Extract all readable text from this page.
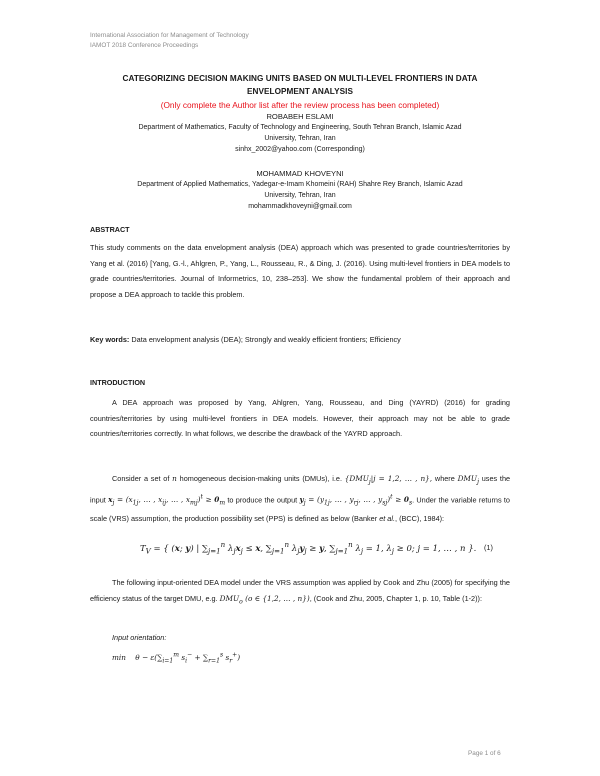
International Association for Management of Technology
IAMOT 2018 Conference Proceedings
CATEGORIZING DECISION MAKING UNITS BASED ON MULTI-LEVEL FRONTIERS IN DATA
ENVELOPMENT ANALYSIS
(Only complete the Author list after the review process has been completed)
ROBABEH ESLAMI
Department of Mathematics, Faculty of Technology and Engineering, South Tehran Branch, Islamic Azad
University, Tehran, Iran
sinhx_2002@yahoo.com (Corresponding)
MOHAMMAD KHOVEYNI
Department of Applied Mathematics, Yadegar-e-Imam Khomeini (RAH) Shahre Rey Branch, Islamic Azad
University, Tehran, Iran
mohammadkhoveyni@gmail.com
ABSTRACT
This study comments on the data envelopment analysis (DEA) approach which was presented to grade countries/territories by Yang et al. (2016) [Yang, G.-l., Ahlgren, P., Yang, L., Rousseau, R., & Ding, J. (2016). Using multi-level frontiers in DEA models to grade countries/territories. Journal of Informetrics, 10, 238–253]. We show the fundamental problem of their approach and propose a DEA approach to tackle this problem.
Key words: Data envelopment analysis (DEA); Strongly and weakly efficient frontiers; Efficiency
INTRODUCTION
A DEA approach was proposed by Yang, Ahlgren, Yang, Rousseau, and Ding (YAYRD) (2016) for grading countries/territories by using multi-level frontiers in DEA models. However, their approach may not be able to grade countries/territories correctly. In what follows, we describe the drawback of the YAYRD approach.
Consider a set of n homogeneous decision-making units (DMUs), i.e. {$DMU_j|j = 1,2$, … , n}, where $DMU_j$ uses the input $x_j = (x_{1j}$, … , $x_{ij}$, … , $x_{mj})^t \ge 0_m$ to produce the output $y_j = (y_{1j}$, … , $y_{rj}$, … , $y_{sj})^t \ge 0_s$. Under the variable returns to scale (VRS) assumption, the production possibility set (PPS) is defined as below (Banker et al., (BCC), 1984):
$T_V$ = { (x; y) | $\sum_{j=1}^n$ $\lambda_jx_j \le x$, $\sum_{j=1}^n$ $\lambda_jy_j \ge y$, $\sum_{j=1}^n$ $\lambda_j = 1$, $\lambda_j \ge 0$; j = 1, … , n }. (1)
The following input-oriented DEA model under the VRS assumption was applied by Cook and Zhu (2005) for specifying the efficiency status of the target DMU, e.g. $DMU_o$ (o ∈ {1,2, … , n}), (Cook and Zhu, 2005, Chapter 1, p. 10, Table (1-2)):
Input orientation:
min    $\theta - \varepsilon(\sum_{i=1}^m$ $s_i^- + \sum_{r=1}^s$ $s_r^+$)
Page 1 of 6
